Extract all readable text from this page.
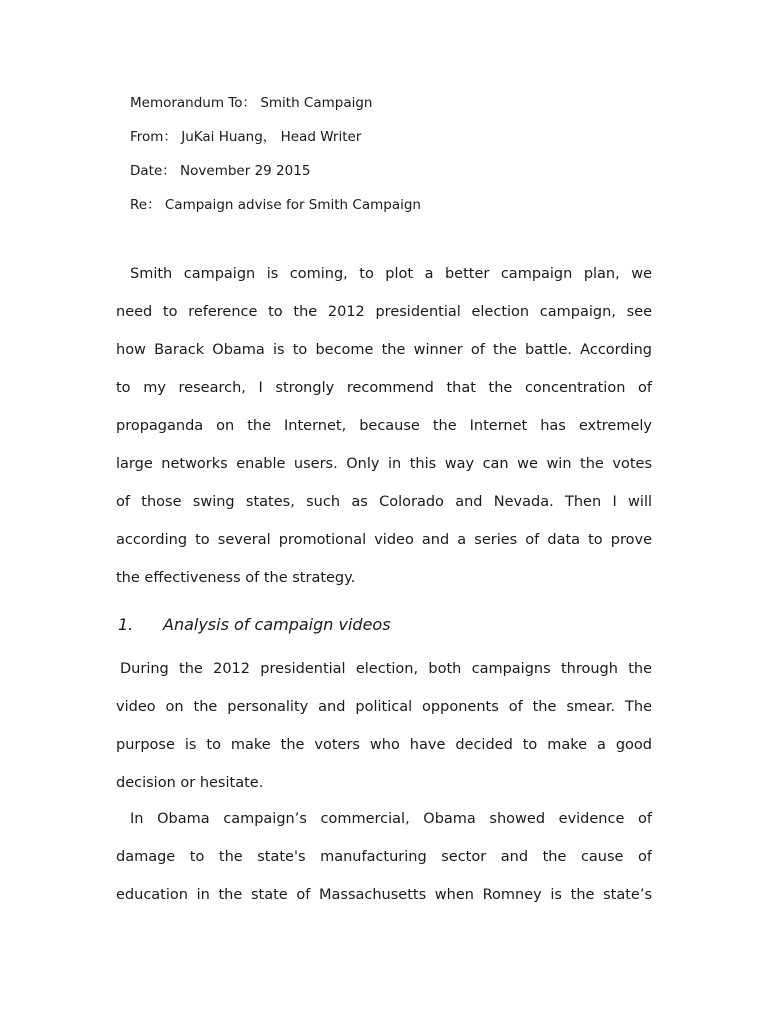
Memorandum To： Smith Campaign

From： JuKai Huang， Head Writer

Date： November 29 2015

Re： Campaign advise for Smith Campaign

Smith campaign is coming, to plot a better campaign plan, we
need to reference to the 2012 presidential election campaign, see
how Barack Obama is to become the winner of the battle. According
to my research, I strongly recommend that the concentration of
propaganda on the Internet, because the Internet has extremely
large networks enable users. Only in this way can we win the votes
of those swing states, such as Colorado and Nevada. Then I will
according to several promotional video and a series of data to prove
the effectiveness of the strategy.
1. Analysis of campaign videos
During the 2012 presidential election, both campaigns through the
video on the personality and political opponents of the smear. The
purpose is to make the voters who have decided to make a good
decision or hesitate.
In Obama campaign’s commercial, Obama showed evidence of
damage to the state's manufacturing sector and the cause of
education in the state of Massachusetts when Romney is the state’s
